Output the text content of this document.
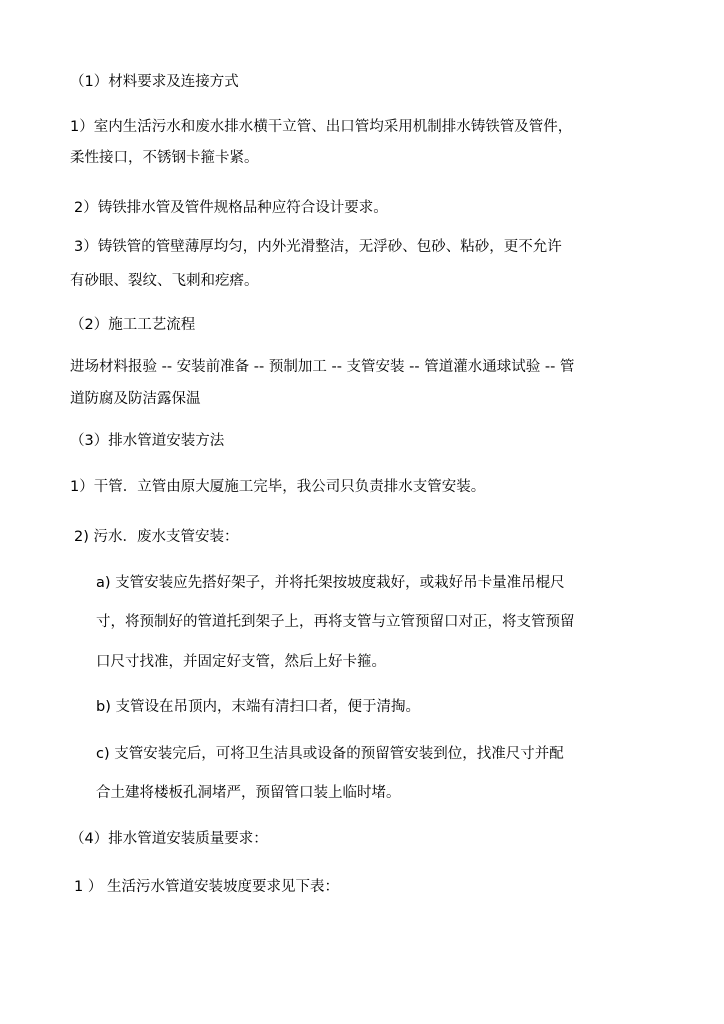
（1）材料要求及连接方式

1）室内生活污水和废水排水横干立管、出口管均采用机制排水铸铁管及管件，

柔性接口，不锈钢卡箍卡紧。

2）铸铁排水管及管件规格品种应符合设计要求。

3）铸铁管的管壁薄厚均匀，内外光滑整洁，无浮砂、包砂、粘砂，更不允许

有砂眼、裂纹、飞刺和疙瘩。

（2）施工工艺流程

进场材料报验 -- 安装前准备 -- 预制加工 -- 支管安装 -- 管道灌水通球试验 -- 管

道防腐及防洁露保温

（3）排水管道安装方法

1）干管．立管由原大厦施工完毕，我公司只负责排水支管安装。

2) 污水．废水支管安装：

a) 支管安装应先搭好架子，并将托架按坡度栽好，或栽好吊卡量准吊棍尺

寸，将预制好的管道托到架子上，再将支管与立管预留口对正，将支管预留

口尺寸找准，并固定好支管，然后上好卡箍。

b) 支管设在吊顶内，末端有清扫口者，便于清掏。

c) 支管安装完后，可将卫生洁具或设备的预留管安装到位，找准尺寸并配

合土建将楼板孔洞堵严，预留管口装上临时堵。

（4）排水管道安装质量要求：

1 ） 生活污水管道安装坡度要求见下表：
